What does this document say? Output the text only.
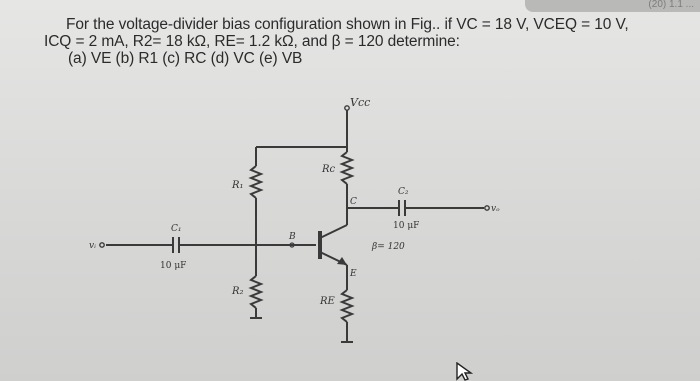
(20) 1.1 ...
For the voltage-divider bias configuration shown in Fig.. if VC = 18 V, VCEQ = 10 V,
ICQ = 2 mA, R2= 18 kΩ, RE= 1.2 kΩ, and β = 120 determine:
(a) VE (b) R1 (c) RC (d) VC (e) VB
Vcc
R₁
R₂
Rc
RE
C₁
10 μF
C₂
10 μF
B
C
E
β= 120
vᵢ
vₒ
